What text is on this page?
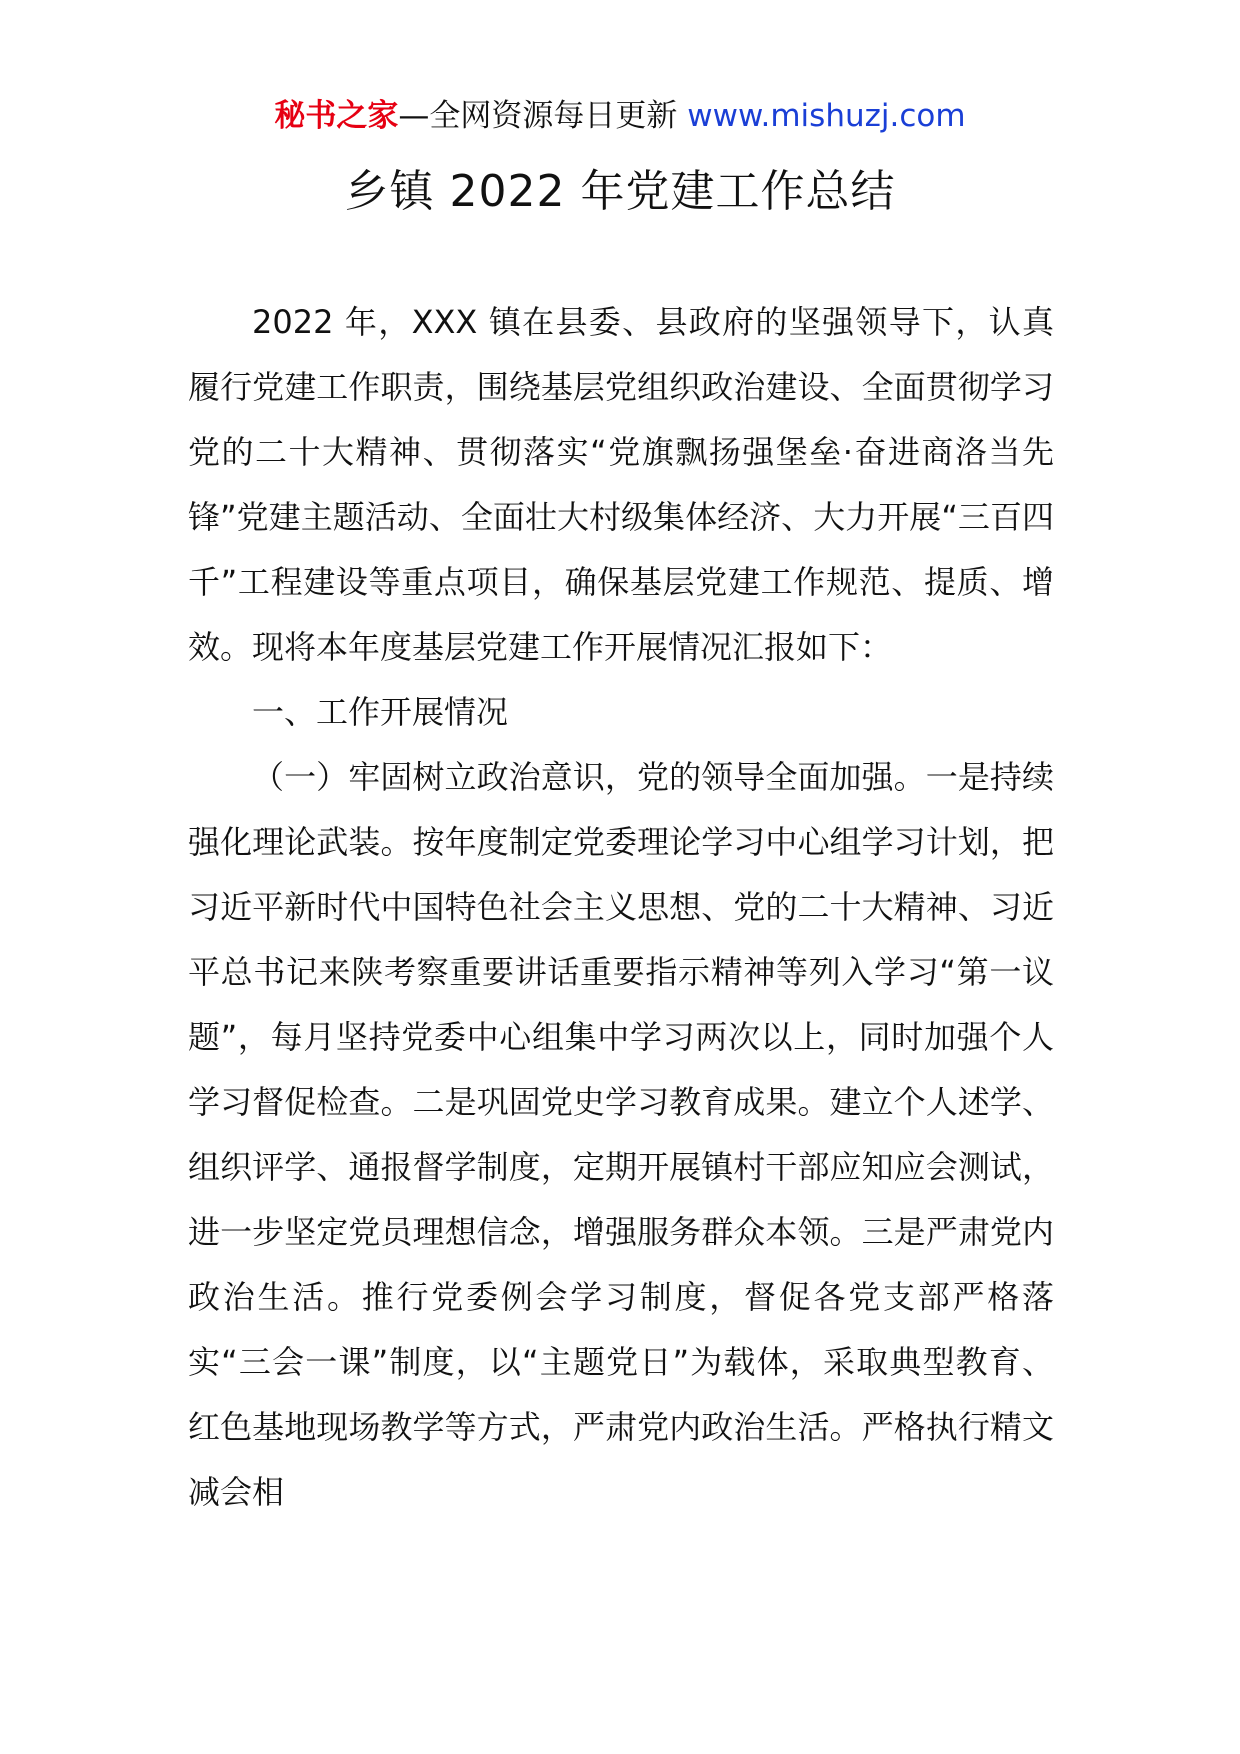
秘书之家—全网资源每日更新 www.mishuzj.com
乡镇 2022 年党建工作总结

2022 年，XXX 镇在县委、县政府的坚强领导下，认真履行党建工作职责，围绕基层党组织政治建设、全面贯彻学习党的二十大精神、贯彻落实“党旗飘扬强堡垒·奋进商洛当先锋”党建主题活动、全面壮大村级集体经济、大力开展“三百四千”工程建设等重点项目，确保基层党建工作规范、提质、增效。现将本年度基层党建工作开展情况汇报如下：

一、工作开展情况

（一）牢固树立政治意识，党的领导全面加强。一是持续强化理论武装。按年度制定党委理论学习中心组学习计划，把习近平新时代中国特色社会主义思想、党的二十大精神、习近平总书记来陕考察重要讲话重要指示精神等列入学习“第一议题”，每月坚持党委中心组集中学习两次以上，同时加强个人学习督促检查。二是巩固党史学习教育成果。建立个人述学、组织评学、通报督学制度，定期开展镇村干部应知应会测试，进一步坚定党员理想信念，增强服务群众本领。三是严肃党内政治生活。推行党委例会学习制度，督促各党支部严格落实“三会一课”制度，以“主题党日”为载体，采取典型教育、红色基地现场教学等方式，严肃党内政治生活。严格执行精文减会相
